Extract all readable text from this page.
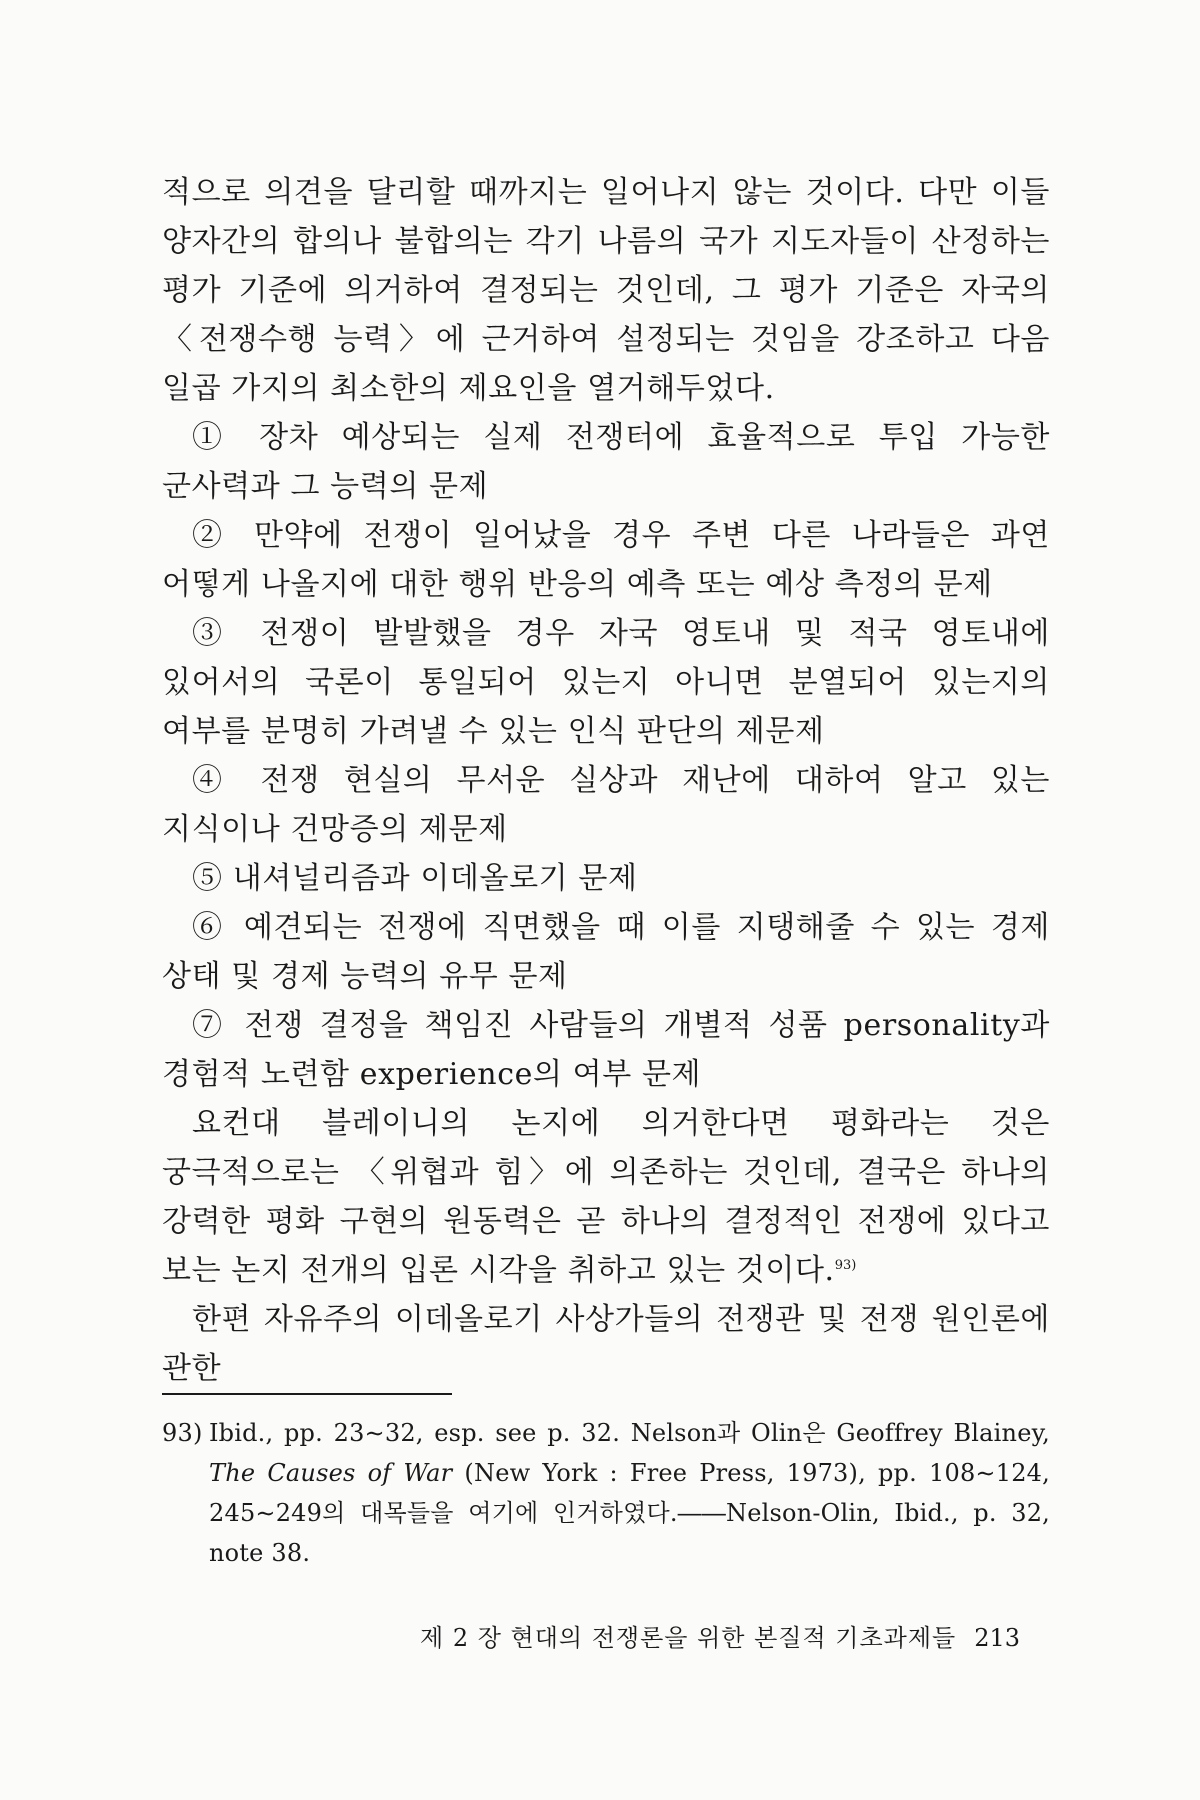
적으로 의견을 달리할 때까지는 일어나지 않는 것이다. 다만 이들 양자간의 합의나 불합의는 각기 나름의 국가 지도자들이 산정하는 평가 기준에 의거하여 결정되는 것인데, 그 평가 기준은 자국의 〈전쟁수행 능력〉에 근거하여 설정되는 것임을 강조하고 다음 일곱 가지의 최소한의 제요인을 열거해두었다.

① 장차 예상되는 실제 전쟁터에 효율적으로 투입 가능한 군사력과 그 능력의 문제

② 만약에 전쟁이 일어났을 경우 주변 다른 나라들은 과연 어떻게 나올지에 대한 행위 반응의 예측 또는 예상 측정의 문제

③ 전쟁이 발발했을 경우 자국 영토내 및 적국 영토내에 있어서의 국론이 통일되어 있는지 아니면 분열되어 있는지의 여부를 분명히 가려낼 수 있는 인식 판단의 제문제

④ 전쟁 현실의 무서운 실상과 재난에 대하여 알고 있는 지식이나 건망증의 제문제

⑤ 내셔널리즘과 이데올로기 문제

⑥ 예견되는 전쟁에 직면했을 때 이를 지탱해줄 수 있는 경제 상태 및 경제 능력의 유무 문제

⑦ 전쟁 결정을 책임진 사람들의 개별적 성품 personality과 경험적 노련함 experience의 여부 문제

요컨대 블레이니의 논지에 의거한다면 평화라는 것은 궁극적으로는 〈위협과 힘〉에 의존하는 것인데, 결국은 하나의 강력한 평화 구현의 원동력은 곧 하나의 결정적인 전쟁에 있다고 보는 논지 전개의 입론 시각을 취하고 있는 것이다.$^{93)}$

한편 자유주의 이데올로기 사상가들의 전쟁관 및 전쟁 원인론에 관한

93) Ibid., pp. 23∼32, esp. see p. 32. Nelson과 Olin은 Geoffrey Blainey, The Causes of War (New York : Free Press, 1973), pp. 108∼124, 245∼249의 대목들을 여기에 인거하였다.――Nelson-Olin, Ibid., p. 32, note 38.
제 2 장 현대의 전쟁론을 위한 본질적 기초과제들 213
